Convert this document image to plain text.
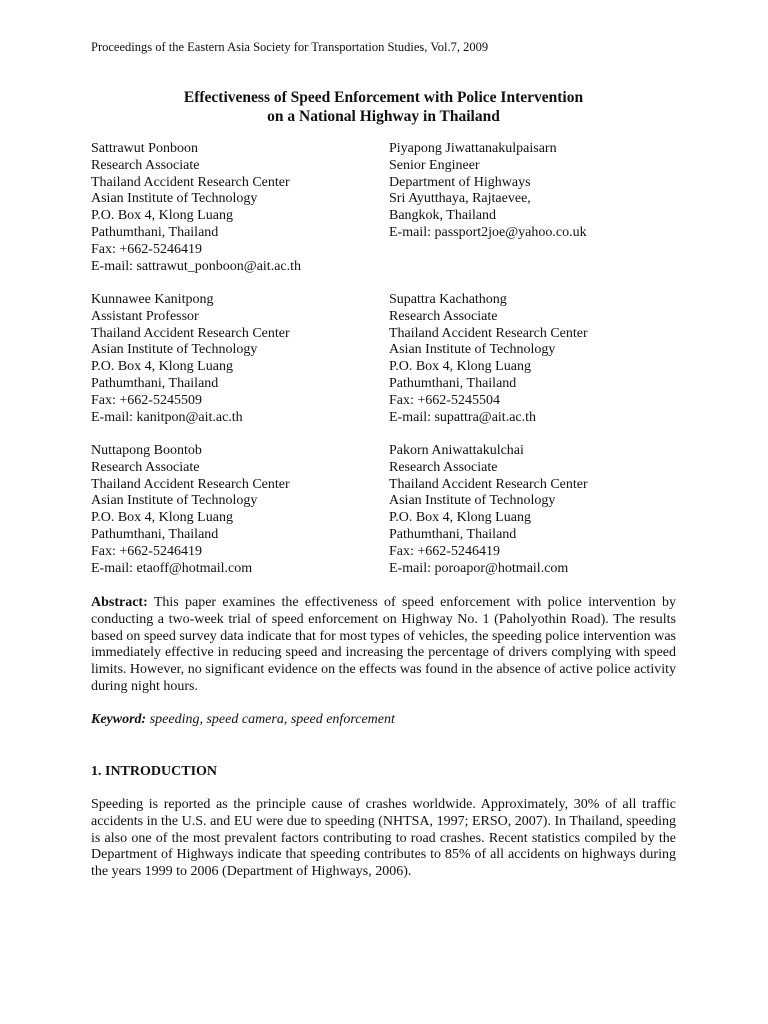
Proceedings of the Eastern Asia Society for Transportation Studies, Vol.7, 2009
Effectiveness of Speed Enforcement with Police Intervention
on a National Highway in Thailand
Sattrawut Ponboon
Research Associate
Thailand Accident Research Center
Asian Institute of Technology
P.O. Box 4, Klong Luang
Pathumthani, Thailand
Fax: +662-5246419
E-mail: sattrawut_ponboon@ait.ac.th
Piyapong Jiwattanakulpaisarn
Senior Engineer
Department of Highways
Sri Ayutthaya, Rajtaevee,
Bangkok, Thailand
E-mail: passport2joe@yahoo.co.uk
Kunnawee Kanitpong
Assistant Professor
Thailand Accident Research Center
Asian Institute of Technology
P.O. Box 4, Klong Luang
Pathumthani, Thailand
Fax: +662-5245509
E-mail: kanitpon@ait.ac.th
Supattra Kachathong
Research Associate
Thailand Accident Research Center
Asian Institute of Technology
P.O. Box 4, Klong Luang
Pathumthani, Thailand
Fax: +662-5245504
E-mail: supattra@ait.ac.th
Nuttapong Boontob
Research Associate
Thailand Accident Research Center
Asian Institute of Technology
P.O. Box 4, Klong Luang
Pathumthani, Thailand
Fax: +662-5246419
E-mail: etaoff@hotmail.com
Pakorn Aniwattakulchai
Research Associate
Thailand Accident Research Center
Asian Institute of Technology
P.O. Box 4, Klong Luang
Pathumthani, Thailand
Fax: +662-5246419
E-mail: poroapor@hotmail.com
Abstract: This paper examines the effectiveness of speed enforcement with police intervention by conducting a two-week trial of speed enforcement on Highway No. 1 (Paholyothin Road). The results based on speed survey data indicate that for most types of vehicles, the speeding police intervention was immediately effective in reducing speed and increasing the percentage of drivers complying with speed limits. However, no significant evidence on the effects was found in the absence of active police activity during night hours.
Keyword: speeding, speed camera, speed enforcement
1. INTRODUCTION
Speeding is reported as the principle cause of crashes worldwide. Approximately, 30% of all traffic accidents in the U.S. and EU were due to speeding (NHTSA, 1997; ERSO, 2007). In Thailand, speeding is also one of the most prevalent factors contributing to road crashes. Recent statistics compiled by the Department of Highways indicate that speeding contributes to 85% of all accidents on highways during the years 1999 to 2006 (Department of Highways, 2006).
